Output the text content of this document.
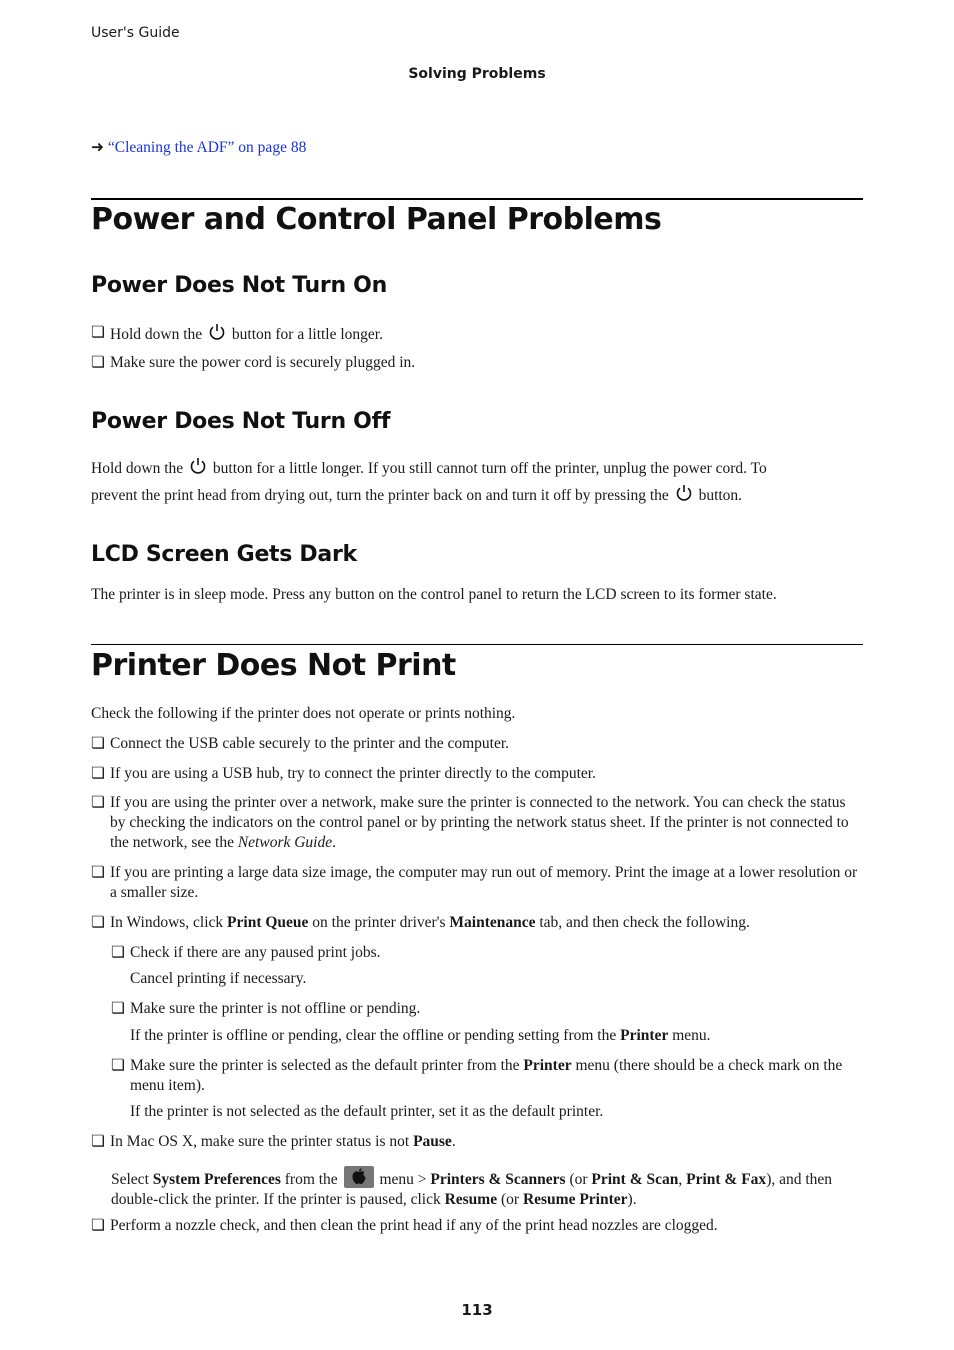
User's Guide
Solving Problems
➜ “Cleaning the ADF” on page 88
Power and Control Panel Problems
Power Does Not Turn On
❏ Hold down the button for a little longer.
❏ Make sure the power cord is securely plugged in.
Power Does Not Turn Off
Hold down the button for a little longer. If you still cannot turn off the printer, unplug the power cord. To
prevent the print head from drying out, turn the printer back on and turn it off by pressing the button.
LCD Screen Gets Dark
The printer is in sleep mode. Press any button on the control panel to return the LCD screen to its former state.
Printer Does Not Print
Check the following if the printer does not operate or prints nothing.
❏ Connect the USB cable securely to the printer and the computer.
❏ If you are using a USB hub, try to connect the printer directly to the computer.
❏ If you are using the printer over a network, make sure the printer is connected to the network. You can check the status by checking the indicators on the control panel or by printing the network status sheet. If the printer is not connected to the network, see the Network Guide.
❏ If you are printing a large data size image, the computer may run out of memory. Print the image at a lower resolution or a smaller size.
❏ In Windows, click Print Queue on the printer driver's Maintenance tab, and then check the following.
❏ Check if there are any paused print jobs.
Cancel printing if necessary.
❏ Make sure the printer is not offline or pending.
If the printer is offline or pending, clear the offline or pending setting from the Printer menu.
❏ Make sure the printer is selected as the default printer from the Printer menu (there should be a check mark on the menu item).
If the printer is not selected as the default printer, set it as the default printer.
❏ In Mac OS X, make sure the printer status is not Pause.
Select System Preferences from the	menu > Printers & Scanners (or Print & Scan, Print & Fax), and then double-click the printer. If the printer is paused, click Resume (or Resume Printer).
❏ Perform a nozzle check, and then clean the print head if any of the print head nozzles are clogged.
113
